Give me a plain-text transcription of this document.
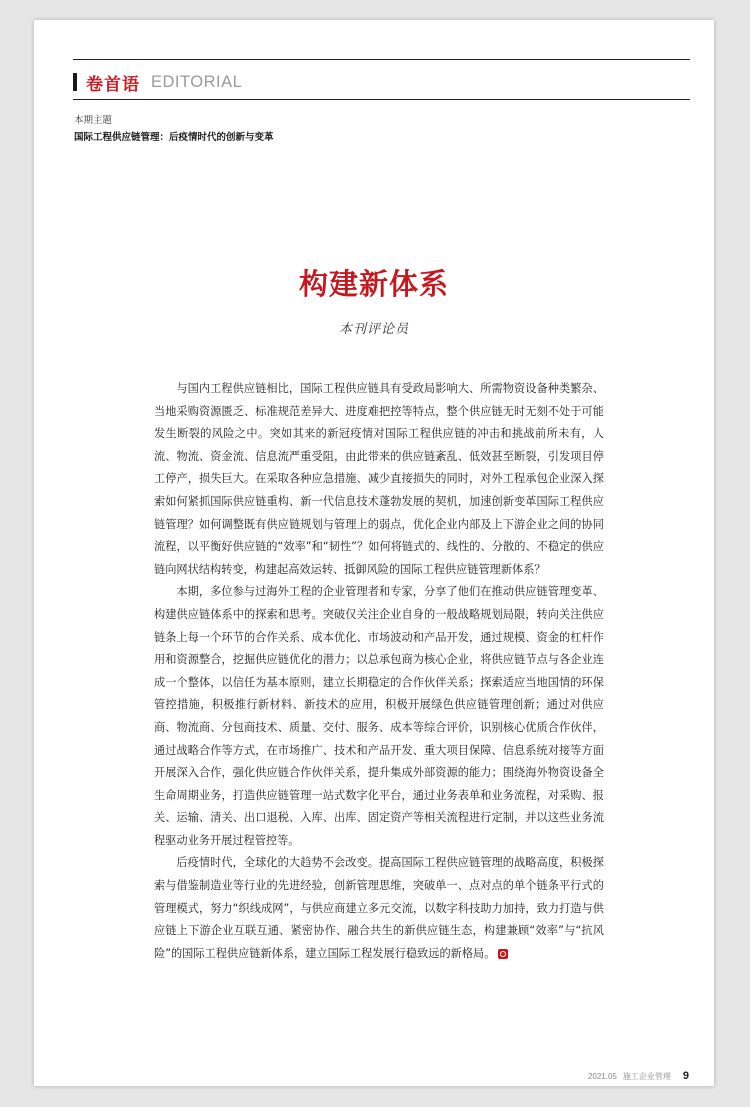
卷首语 EDITORIAL
本期主题
国际工程供应链管理：后疫情时代的创新与变革
构建新体系
本刊评论员

与国内工程供应链相比，国际工程供应链具有受政局影响大、所需物资设备种类繁杂、当地采购资源匮乏、标准规范差异大、进度难把控等特点，整个供应链无时无刻不处于可能发生断裂的风险之中。突如其来的新冠疫情对国际工程供应链的冲击和挑战前所未有，人流、物流、资金流、信息流严重受阻，由此带来的供应链紊乱、低效甚至断裂，引发项目停工停产，损失巨大。在采取各种应急措施、减少直接损失的同时，对外工程承包企业深入探索如何紧抓国际供应链重构、新一代信息技术蓬勃发展的契机，加速创新变革国际工程供应链管理？如何调整既有供应链规划与管理上的弱点，优化企业内部及上下游企业之间的协同流程，以平衡好供应链的“效率”和“韧性”？如何将链式的、线性的、分散的、不稳定的供应链向网状结构转变，构建起高效运转、抵御风险的国际工程供应链管理新体系？

本期，多位参与过海外工程的企业管理者和专家，分享了他们在推动供应链管理变革、构建供应链体系中的探索和思考。突破仅关注企业自身的一般战略规划局限，转向关注供应链条上每一个环节的合作关系、成本优化、市场波动和产品开发，通过规模、资金的杠杆作用和资源整合，挖掘供应链优化的潜力；以总承包商为核心企业，将供应链节点与各企业连成一个整体，以信任为基本原则，建立长期稳定的合作伙伴关系；探索适应当地国情的环保管控措施，积极推行新材料、新技术的应用，积极开展绿色供应链管理创新；通过对供应商、物流商、分包商技术、质量、交付、服务、成本等综合评价，识别核心优质合作伙伴，通过战略合作等方式，在市场推广、技术和产品开发、重大项目保障、信息系统对接等方面开展深入合作，强化供应链合作伙伴关系，提升集成外部资源的能力；围绕海外物资设备全生命周期业务，打造供应链管理一站式数字化平台，通过业务表单和业务流程，对采购、报关、运输、清关、出口退税、入库、出库、固定资产等相关流程进行定制，并以这些业务流程驱动业务开展过程管控等。

后疫情时代，全球化的大趋势不会改变。提高国际工程供应链管理的战略高度，积极探索与借鉴制造业等行业的先进经验，创新管理思维，突破单一、点对点的单个链条平行式的管理模式，努力“织线成网”，与供应商建立多元交流，以数字科技助力加持，致力打造与供应链上下游企业互联互通、紧密协作、融合共生的新供应链生态，构建兼顾“效率”与“抗风险”的国际工程供应链新体系，建立国际工程发展行稳致远的新格局。

2021.05 施工企业管理 9
